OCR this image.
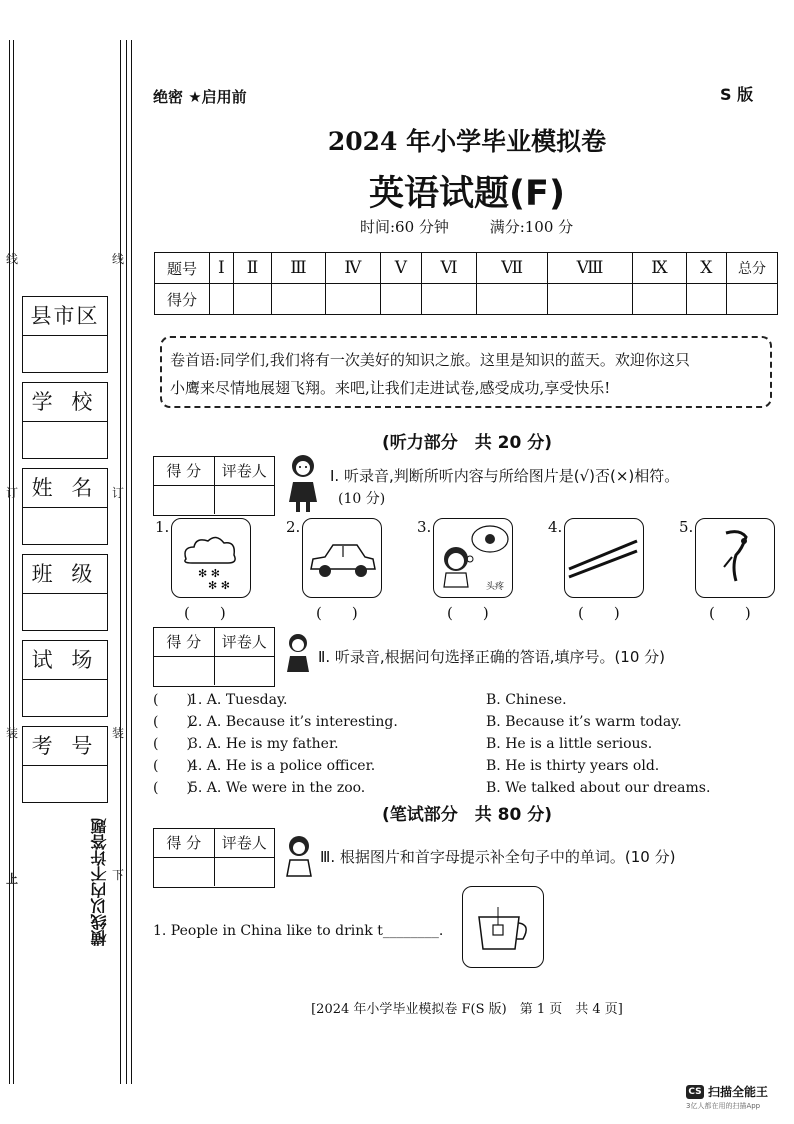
线	线
订	订
装	装
上	下
县市区
学 校
姓 名
班 级
试 场
考 号
横线以内不许答题
绝密 ★启用前	S 版
2024 年小学毕业模拟卷
英语试题(F)
时间:60 分钟	满分:100 分
题号	Ⅰ	Ⅱ	Ⅲ	Ⅳ	Ⅴ	Ⅵ	Ⅶ	Ⅷ	Ⅸ	Ⅹ	总分
得分											
卷首语:同学们,我们将有一次美好的知识之旅。这里是知识的蓝天。欢迎你这只
小鹰来尽情地展翅飞翔。来吧,让我们走进试卷,感受成功,享受快乐!
(听力部分　共 20 分)
得 分	评卷人	Ⅰ. 听录音,判断所听内容与所给图片是(√)否(×)相符。
(10 分)
1.
✻ ✻
✻ ✻
2.	3.
头疼
4.	5.
(　　)	(　　)	(　　)	(　　)	(　　)
得 分	评卷人
Ⅱ. 听录音,根据问句选择正确的答语,填序号。(10 分)
(　　)1. A. Tuesday.	B. Chinese.
(　　)2. A. Because it’s interesting.	B. Because it’s warm today.
(　　)3. A. He is my father.	B. He is a little serious.
(　　)4. A. He is a police officer.	B. He is thirty years old.
(　　)5. A. We were in the zoo.	B. We talked about our dreams.
(笔试部分　共 80 分)
得 分	评卷人
Ⅲ. 根据图片和首字母提示补全句子中的单词。(10 分)
1. People in China like to drink t________.
[2024 年小学毕业模拟卷 F(S 版)　第 1 页　共 4 页]
CS 扫描全能王
3亿人都在用的扫描App
